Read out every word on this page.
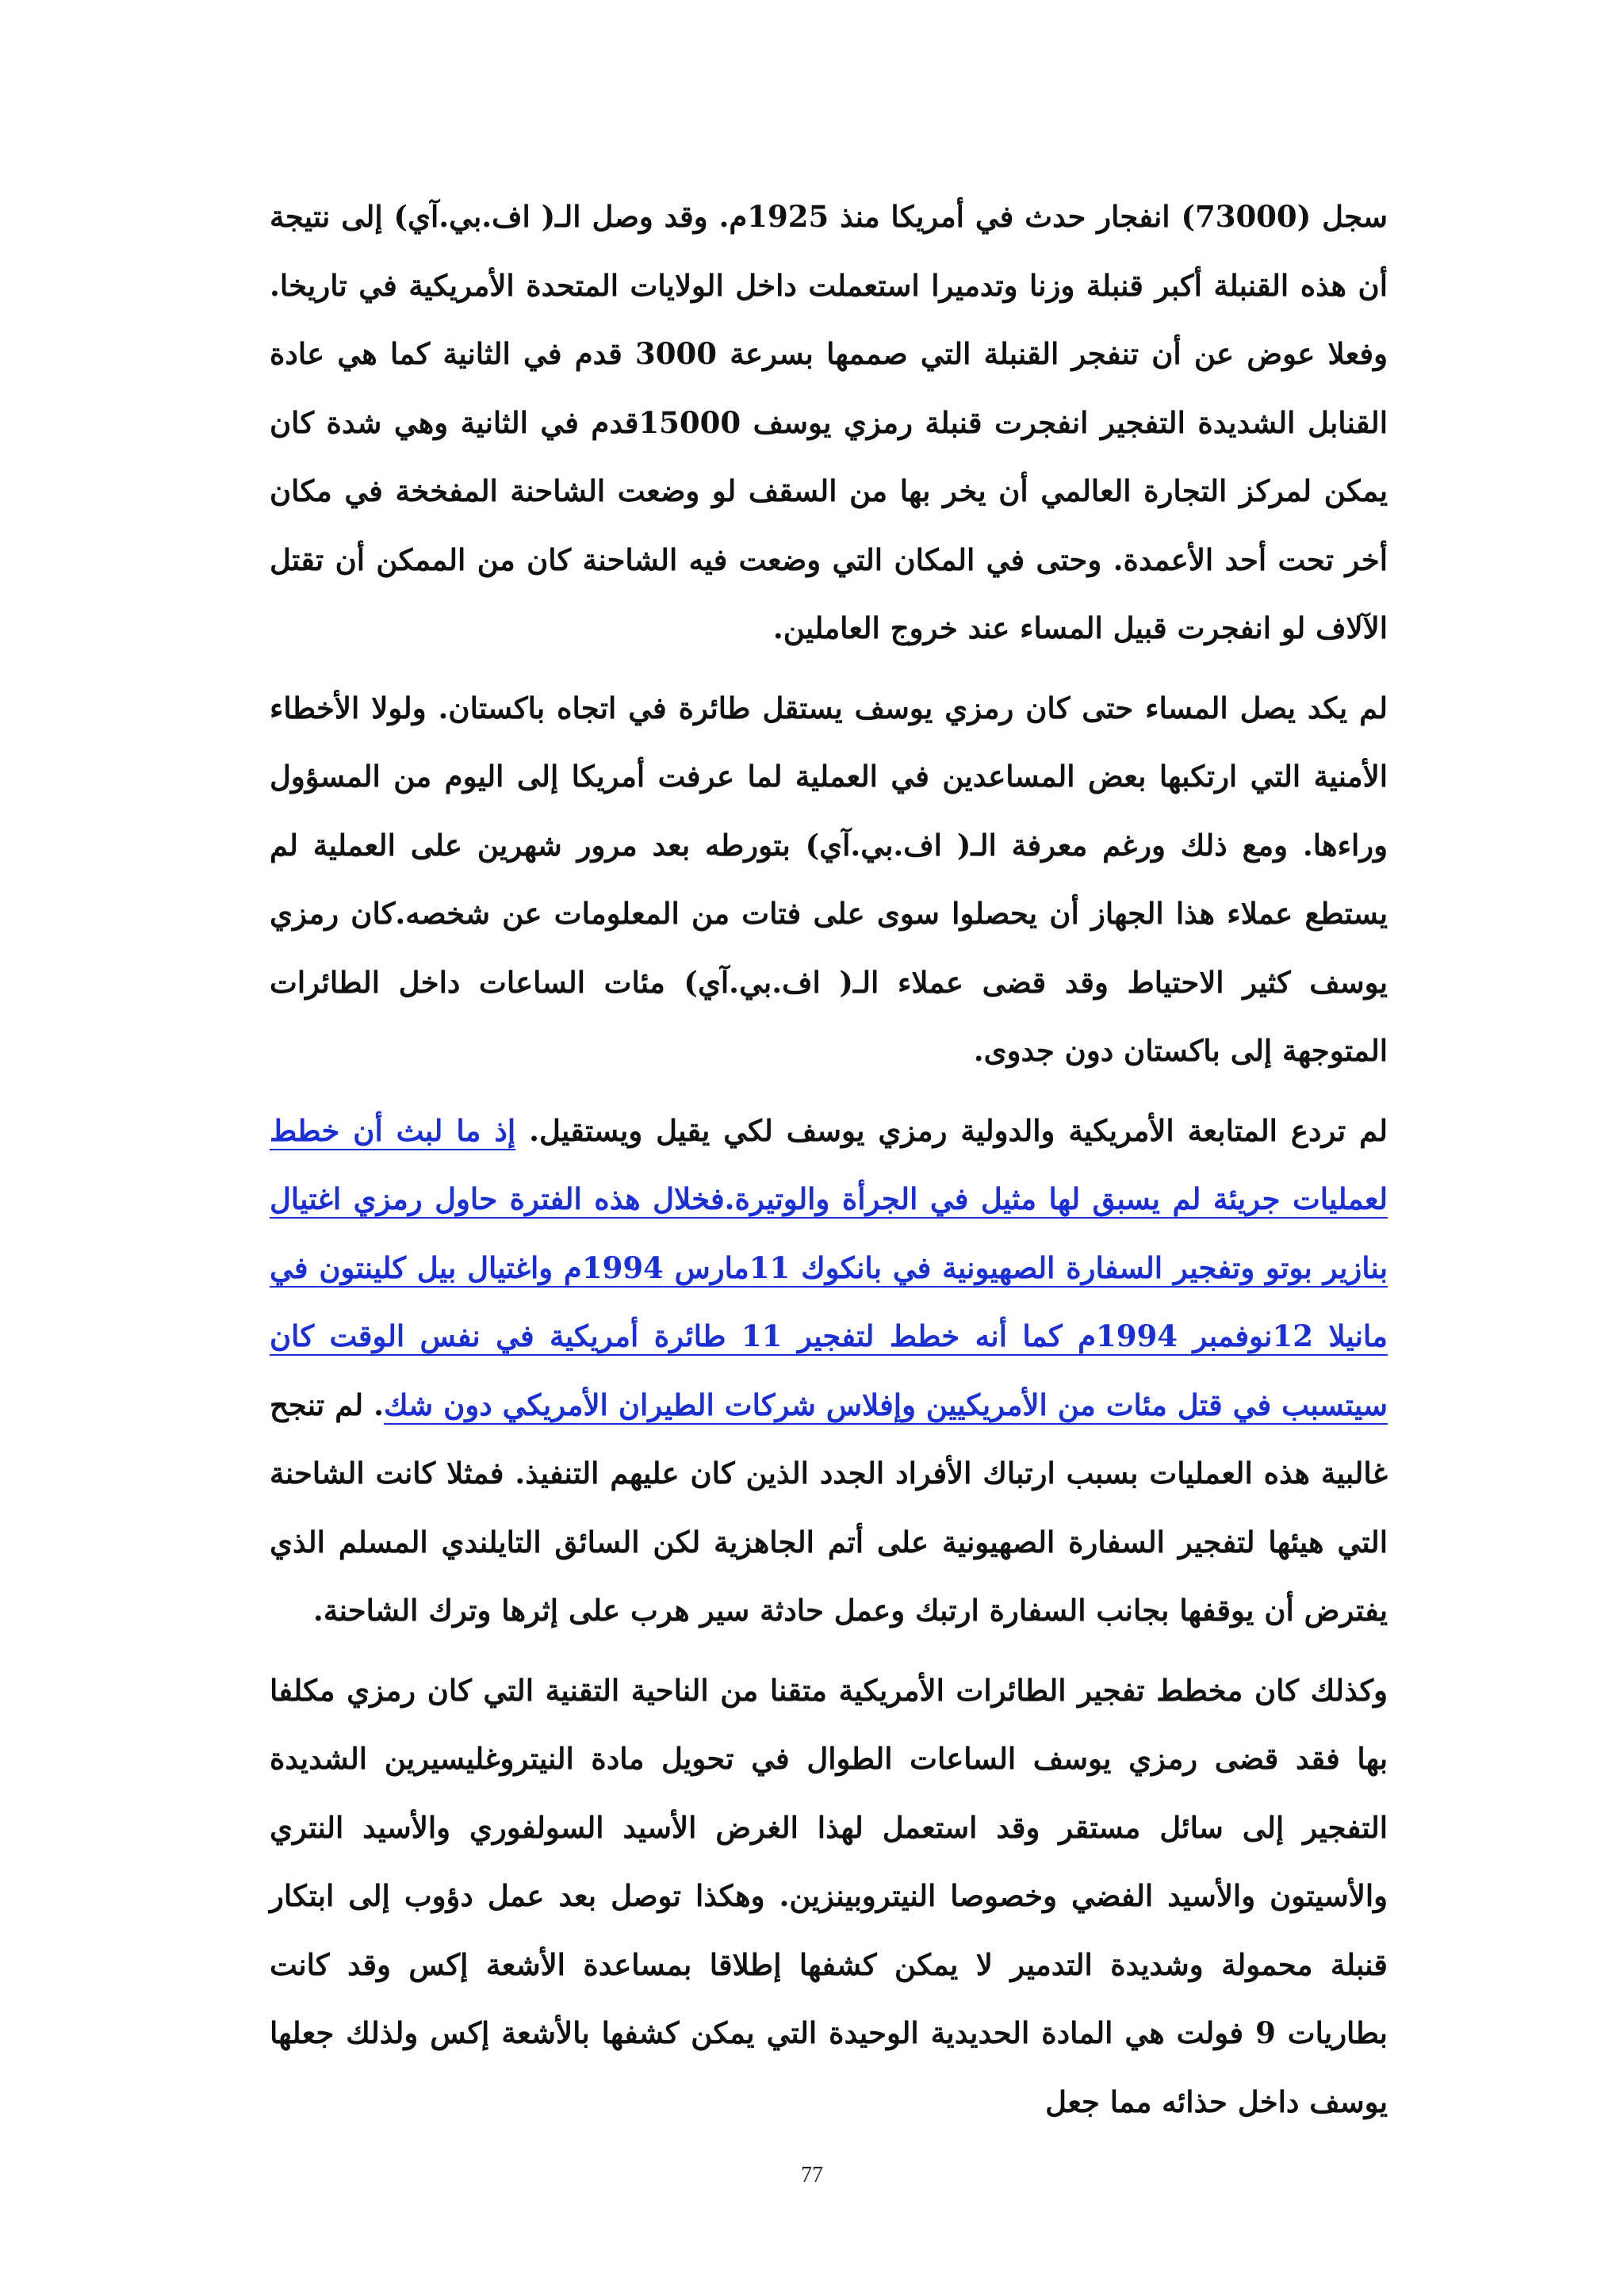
سجل (73000) انفجار حدث في أمريكا منذ 1925م. وقد وصل الـ( اف.بي.آي) إلى نتيجة أن هذه القنبلة أكبر قنبلة وزنا وتدميرا استعملت داخل الولايات المتحدة الأمريكية في تاريخا. وفعلا عوض عن أن تنفجر القنبلة التي صممها بسرعة 3000 قدم في الثانية كما هي عادة القنابل الشديدة التفجير انفجرت قنبلة رمزي يوسف 15000قدم في الثانية وهي شدة كان يمكن لمركز التجارة العالمي أن يخر بها من السقف لو وضعت الشاحنة المفخخة في مكان أخر تحت أحد الأعمدة. وحتى في المكان التي وضعت فيه الشاحنة كان من الممكن أن تقتل الآلاف لو انفجرت قبيل المساء عند خروج العاملين.

لم يكد يصل المساء حتى كان رمزي يوسف يستقل طائرة في اتجاه باكستان. ولولا الأخطاء الأمنية التي ارتكبها بعض المساعدين في العملية لما عرفت أمريكا إلى اليوم من المسؤول وراءها. ومع ذلك ورغم معرفة الـ( اف.بي.آي) بتورطه بعد مرور شهرين على العملية لم يستطع عملاء هذا الجهاز أن يحصلوا سوى على فتات من المعلومات عن شخصه.كان رمزي يوسف كثير الاحتياط وقد قضى عملاء الـ( اف.بي.آي) مئات الساعات داخل الطائرات المتوجهة إلى باكستان دون جدوى.

لم تردع المتابعة الأمريكية والدولية رمزي يوسف لكي يقيل ويستقيل. إذ ما لبث أن خطط لعمليات جريئة لم يسبق لها مثيل في الجرأة والوتيرة.فخلال هذه الفترة حاول رمزي اغتيال بنازير بوتو وتفجير السفارة الصهيونية في بانكوك 11مارس 1994م واغتيال بيل كلينتون في مانيلا 12نوفمبر 1994م كما أنه خطط لتفجير 11 طائرة أمريكية في نفس الوقت كان سيتسبب في قتل مئات من الأمريكيين وإفلاس شركات الطيران الأمريكي دون شك. لم تنجح غالبية هذه العمليات بسبب ارتباك الأفراد الجدد الذين كان عليهم التنفيذ. فمثلا كانت الشاحنة التي هيئها لتفجير السفارة الصهيونية على أتم الجاهزية لكن السائق التايلندي المسلم الذي يفترض أن يوقفها بجانب السفارة ارتبك وعمل حادثة سير هرب على إثرها وترك الشاحنة.

وكذلك كان مخطط تفجير الطائرات الأمريكية متقنا من الناحية التقنية التي كان رمزي مكلفا بها فقد قضى رمزي يوسف الساعات الطوال في تحويل مادة النيتروغليسيرين الشديدة التفجير إلى سائل مستقر وقد استعمل لهذا الغرض الأسيد السولفوري والأسيد النتري والأسيتون والأسيد الفضي وخصوصا النيتروبينزين. وهكذا توصل بعد عمل دؤوب إلى ابتكار قنبلة محمولة وشديدة التدمير لا يمكن كشفها إطلاقا بمساعدة الأشعة إكس وقد كانت بطاريات 9 فولت هي المادة الحديدية الوحيدة التي يمكن كشفها بالأشعة إكس ولذلك جعلها يوسف داخل حذائه مما جعل

77
